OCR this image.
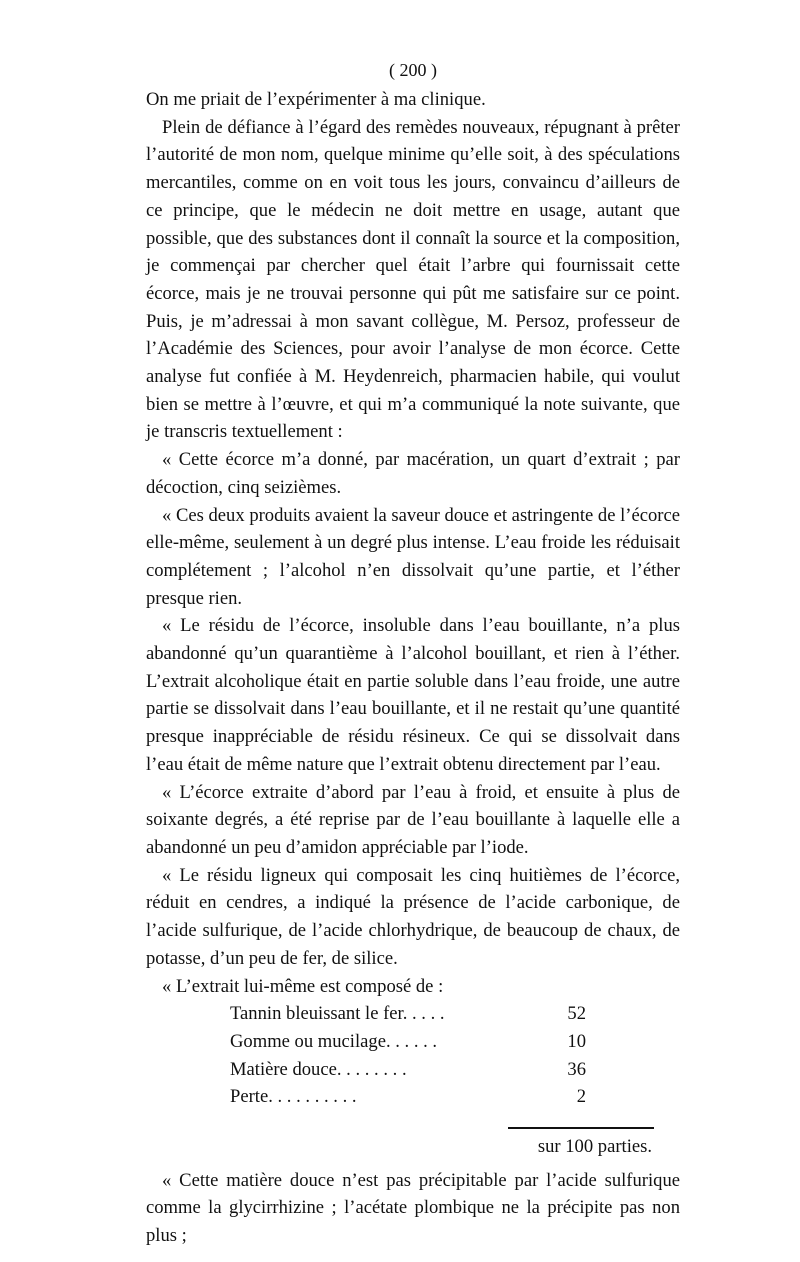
( 200 )

On me priait de l’expérimenter à ma clinique.

Plein de défiance à l’égard des remèdes nouveaux, répugnant à prêter l’autorité de mon nom, quelque minime qu’elle soit, à des spéculations mercantiles, comme on en voit tous les jours, convaincu d’ailleurs de ce principe, que le médecin ne doit mettre en usage, autant que possible, que des substances dont il connaît la source et la composition, je commençai par chercher quel était l’arbre qui fournissait cette écorce, mais je ne trouvai personne qui pût me satisfaire sur ce point. Puis, je m’adressai à mon savant collègue, M. Persoz, professeur de l’Académie des Sciences, pour avoir l’analyse de mon écorce. Cette analyse fut confiée à M. Heydenreich, pharmacien habile, qui voulut bien se mettre à l’œuvre, et qui m’a communiqué la note suivante, que je transcris textuellement :

« Cette écorce m’a donné, par macération, un quart d’extrait ; par décoction, cinq seizièmes.

« Ces deux produits avaient la saveur douce et astringente de l’écorce elle-même, seulement à un degré plus intense. L’eau froide les réduisait complétement ; l’alcohol n’en dissolvait qu’une partie, et l’éther presque rien.

« Le résidu de l’écorce, insoluble dans l’eau bouillante, n’a plus abandonné qu’un quarantième à l’alcohol bouillant, et rien à l’éther. L’extrait alcoholique était en partie soluble dans l’eau froide, une autre partie se dissolvait dans l’eau bouillante, et il ne restait qu’une quantité presque inappréciable de résidu résineux. Ce qui se dissolvait dans l’eau était de même nature que l’extrait obtenu directement par l’eau.

« L’écorce extraite d’abord par l’eau à froid, et ensuite à plus de soixante degrés, a été reprise par de l’eau bouillante à laquelle elle a abandonné un peu d’amidon appréciable par l’iode.

« Le résidu ligneux qui composait les cinq huitièmes de l’écorce, réduit en cendres, a indiqué la présence de l’acide carbonique, de l’acide sulfurique, de l’acide chlorhydrique, de beaucoup de chaux, de potasse, d’un peu de fer, de silice.

« L’extrait lui-même est composé de :

Tannin bleuissant le fer. . . . .	52
Gomme ou mucilage. . . . . .	10
Matière douce. . . . . . . .	36
Perte. . . . . . . . . .	2
sur 100 parties.

« Cette matière douce n’est pas précipitable par l’acide sulfurique comme la glycirrhizine ; l’acétate plombique ne la précipite pas non plus ;
